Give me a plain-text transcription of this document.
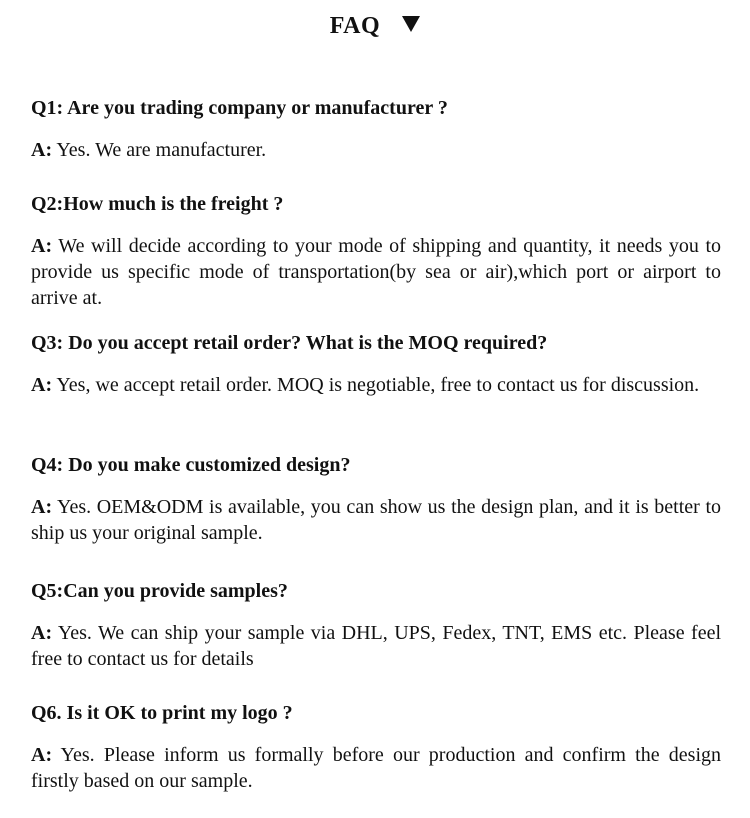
FAQ

Q1: Are you trading company or manufacturer ?

A: Yes. We are manufacturer.

Q2:How much is the freight ?

A: We will decide according to your mode of shipping and quantity, it needs you to provide us specific mode of transportation(by sea or air),which port or airport to arrive at.

Q3: Do you accept retail order? What is the MOQ required?

A: Yes, we accept retail order. MOQ is negotiable, free to contact us for discussion.

Q4: Do you make customized design?

A: Yes. OEM&ODM is available, you can show us the design plan, and it is better to ship us your original sample.

Q5:Can you provide samples?

A: Yes. We can ship your sample via DHL, UPS, Fedex, TNT, EMS etc. Please feel free to contact us for details

Q6. Is it OK to print my logo ?

A: Yes. Please inform us formally before our production and confirm the design firstly based on our sample.
